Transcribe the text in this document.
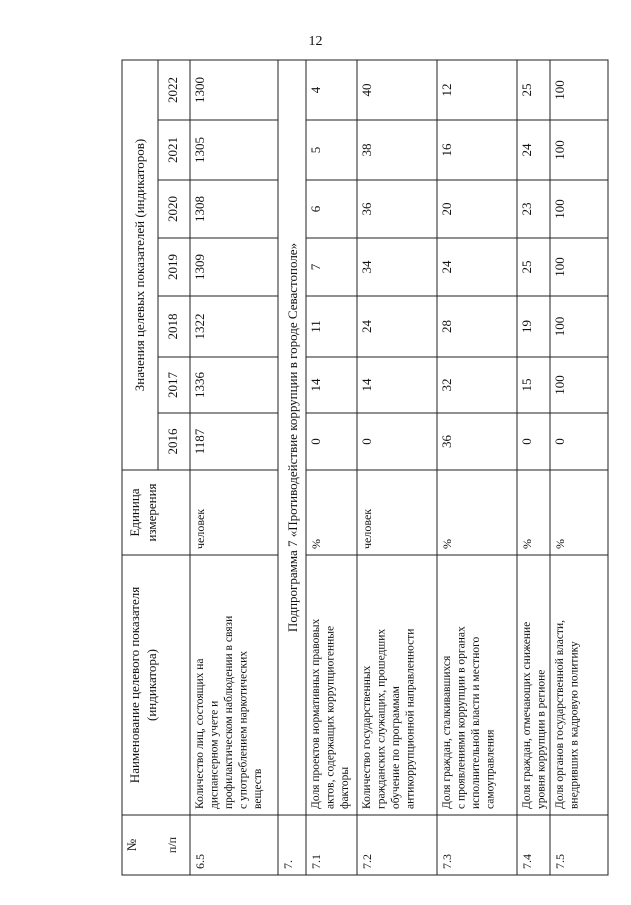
12
№ п/п
Наименование целевого показателя (индикатора)
Единица измерения
Значения целевых показателей (индикаторов)
2016
2017
2018
2019
2020
2021
2022
6.5
Количество лиц, состоящих на диспансерном учете и профилактическом наблюдении в связи с употреблением наркотических веществ
человек
1187
1336
1322
1309
1308
1305
1300
7.
Подпрограмма 7 «Противодействие коррупции в городе Севастополе»
7.1
Доля проектов нормативных правовых актов, содержащих коррупциогенные факторы
%
0
14
11
7
6
5
4
7.2
Количество государственных гражданских служащих, прошедших обучение по программам антикоррупционной направленности
человек
0
14
24
34
36
38
40
7.3
Доля граждан, сталкивавшихся с проявлениями коррупции в органах исполнительной власти и местного самоуправления
%
36
32
28
24
20
16
12
7.4
Доля граждан, отмечающих снижение уровня коррупции в регионе
%
0
15
19
25
23
24
25
7.5
Доля органов государственной власти, внедривших в кадровую политику
%
0
100
100
100
100
100
100
